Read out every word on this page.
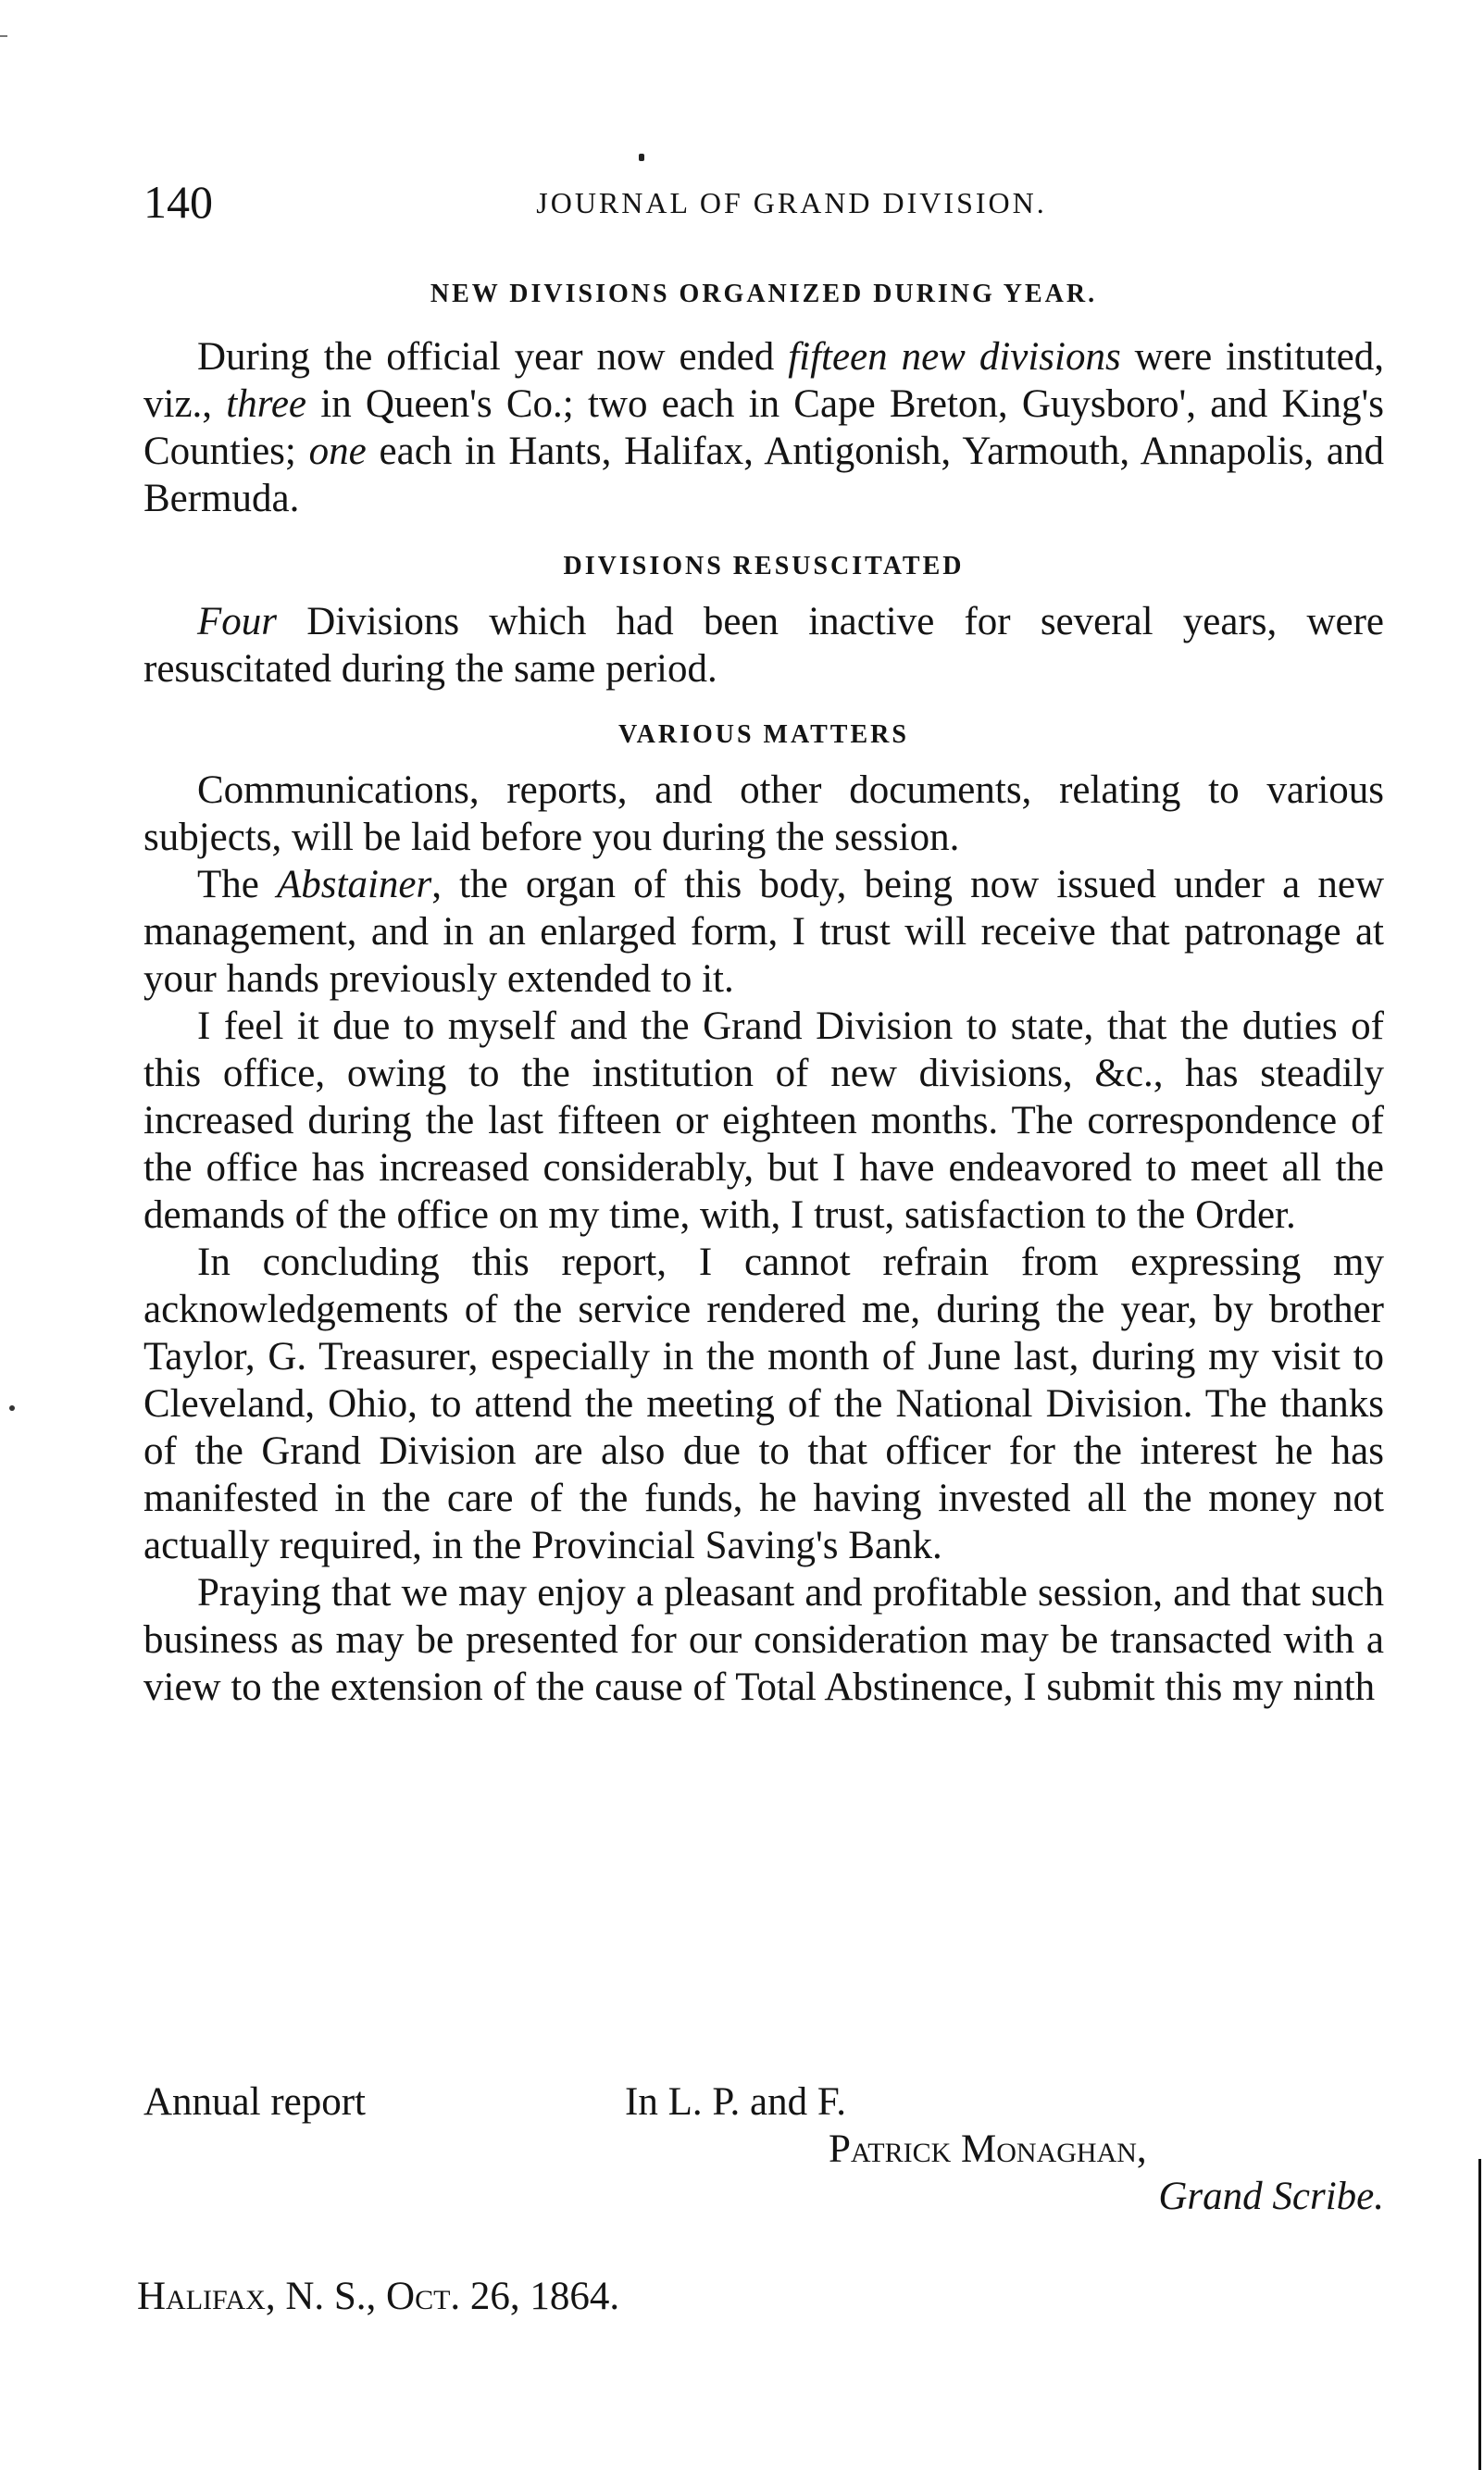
140	JOURNAL OF GRAND DIVISION.
NEW DIVISIONS ORGANIZED DURING YEAR.

During the official year now ended fifteen new divisions were instituted, viz., three in Queen's Co.; two each in Cape Breton, Guysboro', and King's Counties; one each in Hants, Halifax, Antigonish, Yarmouth, Annapolis, and Bermuda.

DIVISIONS RESUSCITATED

Four Divisions which had been inactive for several years, were resuscitated during the same period.

VARIOUS MATTERS

Communications, reports, and other documents, relating to various subjects, will be laid before you during the session.

The Abstainer, the organ of this body, being now issued under a new management, and in an enlarged form, I trust will receive that patronage at your hands previously extended to it.

I feel it due to myself and the Grand Division to state, that the duties of this office, owing to the institution of new divisions, &c., has steadily increased during the last fifteen or eighteen months. The correspondence of the office has increased considerably, but I have endeavored to meet all the demands of the office on my time, with, I trust, satisfaction to the Order.

In concluding this report, I cannot refrain from expressing my acknowledgements of the service rendered me, during the year, by brother Taylor, G. Treasurer, especially in the month of June last, during my visit to Cleveland, Ohio, to attend the meeting of the National Division. The thanks of the Grand Division are also due to that officer for the interest he has manifested in the care of the funds, he having invested all the money not actually required, in the Provincial Saving's Bank.

Praying that we may enjoy a pleasant and profitable session, and that such business as may be presented for our consideration may be transacted with a view to the extension of the cause of Total Abstinence, I submit this my ninth

Annual report	In L. P. and F.
Patrick Monaghan,
Grand Scribe.
Halifax, N. S., Oct. 26, 1864.
